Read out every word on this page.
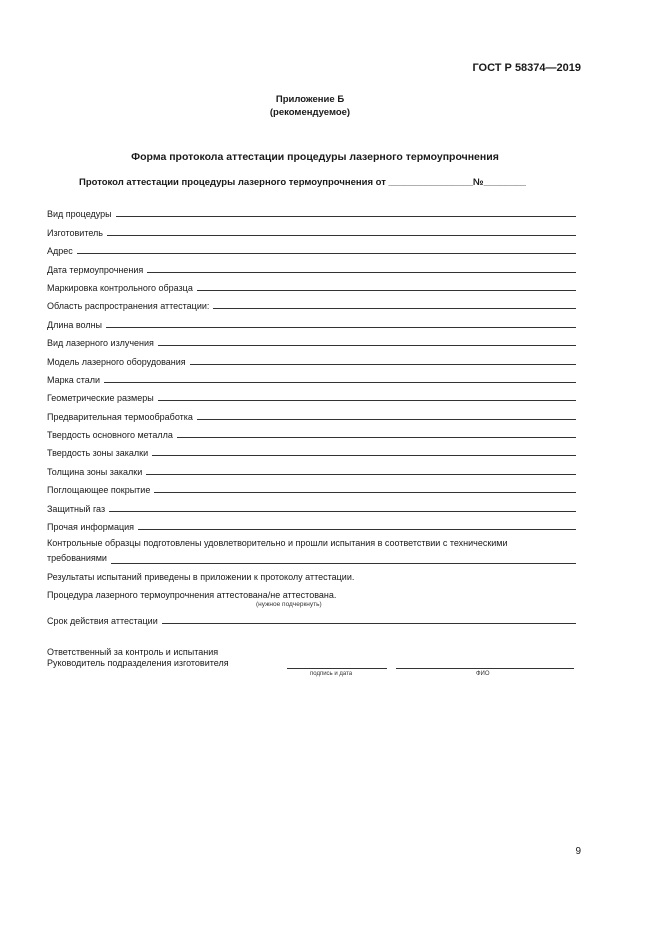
ГОСТ Р 58374—2019
Приложение Б
(рекомендуемое)
Форма протокола аттестации процедуры лазерного термоупрочнения
Протокол аттестации процедуры лазерного термоупрочнения от ________________№________
Вид процедуры
Изготовитель
Адрес
Дата термоупрочнения
Маркировка контрольного образца
Область распространения аттестации:
Длина волны
Вид лазерного излучения
Модель лазерного оборудования
Марка стали
Геометрические размеры
Предварительная термообработка
Твердость основного металла
Твердость зоны закалки
Толщина зоны закалки
Поглощающее покрытие
Защитный газ
Прочая информация
Контрольные образцы подготовлены удовлетворительно и прошли испытания в соответствии с техническими
требованиями
Результаты испытаний приведены в приложении к протоколу аттестации.
Процедура лазерного термоупрочнения аттестована/не аттестована.
(нужное подчеркнуть)
Срок действия аттестации
Ответственный за контроль и испытания
Руководитель подразделения изготовителя
подпись и дата	ФИО
9
